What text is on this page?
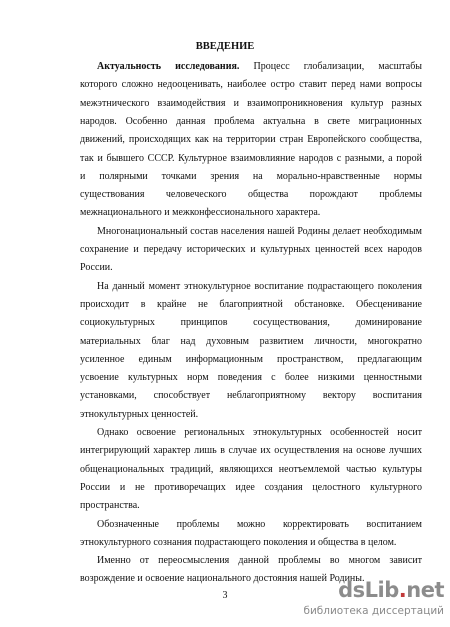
ВВЕДЕНИЕ
Актуальность исследования. Процесс глобализации, масштабы
которого сложно недооценивать, наиболее остро ставит перед нами вопросы
межэтнического взаимодействия и взаимопроникновения культур разных
народов. Особенно данная проблема актуальна в свете миграционных
движений, происходящих как на территории стран Европейского сообщества,
так и бывшего СССР. Культурное взаимовлияние народов с разными, а порой
и полярными точками зрения на морально-нравственные нормы
существования человеческого общества порождают проблемы
межнационального и межконфессионального характера.
Многонациональный состав населения нашей Родины делает необходимым
сохранение и передачу исторических и культурных ценностей всех народов
России.
На данный момент этнокультурное воспитание подрастающего поколения
происходит в крайне не благоприятной обстановке. Обесценивание
социокультурных принципов сосуществования, доминирование
материальных благ над духовным развитием личности, многократно
усиленное единым информационным пространством, предлагающим
усвоение культурных норм поведения с более низкими ценностными
установками, способствует неблагоприятному вектору воспитания
этнокультурных ценностей.
Однако освоение региональных этнокультурных особенностей носит
интегрирующий характер лишь в случае их осуществления на основе лучших
общенациональных традиций, являющихся неотъемлемой частью культуры
России и не противоречащих идее создания целостного культурного
пространства.
Обозначенные проблемы можно корректировать воспитанием
этнокультурного сознания подрастающего поколения и общества в целом.
Именно от переосмысления данной проблемы во многом зависит
возрождение и освоение национального достояния нашей Родины.
3	dsLib.net
библиотека диссертаций
